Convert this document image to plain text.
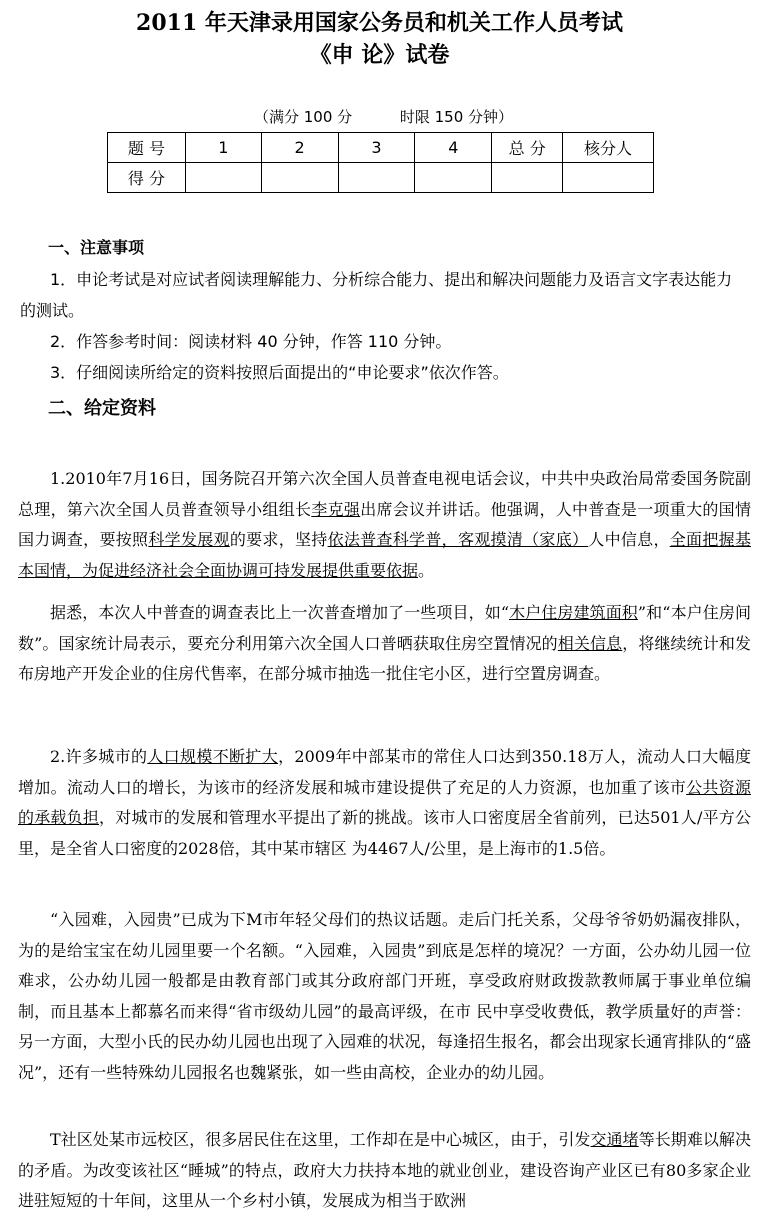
2011 年天津录用国家公务员和机关工作人员考试
《申 论》试卷
（满分 100 分          时限 150 分钟）
题 号	1	2	3	4	总 分	核分人
得 分						
一、注意事项
1．申论考试是对应试者阅读理解能力、分析综合能力、提出和解决问题能力及语言文字表达能力的测试。
2．作答参考时间：阅读材料 40 分钟，作答 110 分钟。
3．仔细阅读所给定的资料按照后面提出的“申论要求”依次作答。
二、给定资料
1.2010年7月16日，国务院召开第六次全国人员普查电视电话会议，中共中央政治局常委国务院副总理，第六次全国人员普查领导小组组长李克强出席会议并讲话。他强调，人中普查是一项重大的国情国力调查，要按照科学发展观的要求，坚持依法普查科学普，客观摸清（家底）人中信息，全面把握基本国情，为促进经济社会全面协调可持发展提供重要依据。
据悉，本次人中普查的调查表比上一次普查增加了一些项目，如“木户住房建筑面积”和“本户住房间数”。国家统计局表示，要充分利用第六次全国人口普晒获取住房空置情况的相关信息，将继续统计和发布房地产开发企业的住房代售率，在部分城市抽选一批住宅小区，进行空置房调查。
2.许多城市的人口规模不断扩大，2009年中部某市的常住人口达到350.18万人，流动人口大幅度增加。流动人口的增长，为该市的经济发展和城市建设提供了充足的人力资源，也加重了该市公共资源的承载负担，对城市的发展和管理水平提出了新的挑战。该市人口密度居全省前列，已达501人/平方公里，是全省人口密度的2028倍，其中某市辖区 为4467人/公里，是上海市的1.5倍。
“入园难，入园贵”已成为下M市年轻父母们的热议话题。走后门托关系，父母爷爷奶奶漏夜排队，为的是给宝宝在幼儿园里要一个名额。“入园难，入园贵”到底是怎样的境况？一方面，公办幼儿园一位难求，公办幼儿园一般都是由教育部门或其分政府部门开班，享受政府财政拨款教师属于事业单位编制，而且基本上都慕名而来得“省市级幼儿园”的最高评级，在市 民中享受收费低，教学质量好的声誉：另一方面，大型小氏的民办幼儿园也出现了入园难的状况，每逢招生报名，都会出现家长通宵排队的“盛况”，还有一些特殊幼儿园报名也魏紧张，如一些由高校，企业办的幼儿园。
T社区处某市远校区，很多居民住在这里，工作却在是中心城区，由于，引发交通堵等长期难以解决的矛盾。为改变该社区“睡城”的特点，政府大力扶持本地的就业创业，建设咨询产业区已有80多家企业进驻短短的十年间，这里从一个乡村小镇，发展成为相当于欧洲
